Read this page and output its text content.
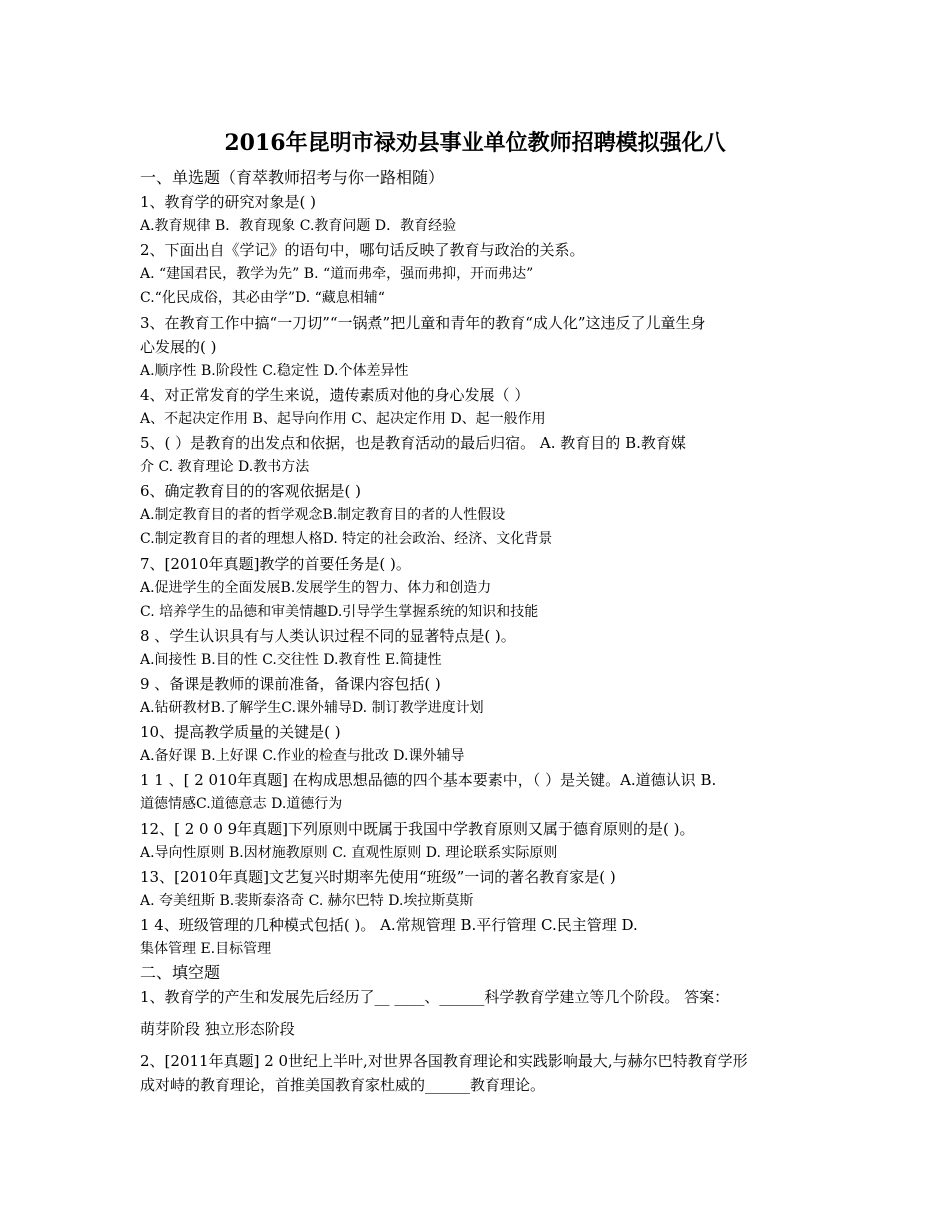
2016年昆明市禄劝县事业单位教师招聘模拟强化八
一、单选题（育萃教师招考与你一路相随）
1、教育学的研究对象是( )
A.教育规律 B．教育现象 C.教育问题 D．教育经验
2、下面出自《学记》的语句中，哪句话反映了教育与政治的关系。
A. “建国君民，教学为先” B. “道而弗牵，强而弗抑，开而弗达”
C.“化民成俗，其必由学”D. “藏息相辅“
3、在教育工作中搞“一刀切”“一锅煮”把儿童和青年的教育“成人化”这违反了儿童生身
心发展的( )
A.顺序性 B.阶段性 C.稳定性 D.个体差异性
4、对正常发育的学生来说，遗传素质对他的身心发展（ ）
A、不起决定作用 B、起导向作用 C、起决定作用 D、起一般作用
5、( ）是教育的出发点和依据，也是教育活动的最后归宿。 ‍A. 教育目的 B.教育媒
介 C. 教育理论 D.教书方法
6、确定教育目的的客观依据是( )
A.制定教育目的者的哲学观念B.制定教育目的者的人性假设
C.制定教育目的者的理想人格D. 特定的社会政治、经济、文化背景
7、[2010年真题]教学的首要任务是( )。
A.促进学生的全面发展B.发展学生的智力、体力和创造力
C. 培养学生的品德和审美情趣D.引导学生掌握系统的知识和技能
8 、学生认识具有与人类认识过程不同的显著特点是( )。
A.间接性 B.目的性 C.交往性 D.教育性 E.简捷性
9 、备课是教师的课前准备，备课内容包括( )
A.钻研教材B.了解学生C.课外辅导D. 制订教学进度计划
10、提高教学质量的关键是( )
A.备好课 B.上好课 C.作业的检查与批改 D.课外辅导
1 1 、[ 2 010年真题] 在构成思想品德的四个基本要素中，（ ）是关键。‍A.道德认识 B.
道德情感C.道德意志 D.道德行为
12、[ 2 0 0 9年真题]下列原则中既属于我国中学教育原则又属于德育原则的是( )。
A.导向性原则 B.因材施教原则 C. 直观性原则 D. 理论联系实际原则
13、[2010年真题]文艺复兴时期率先使用“班级”一词的著名教育家是( )
A. 夸美纽斯 B.裴斯泰洛奇 C. 赫尔巴特 D.埃拉斯莫斯
1 4、班级管理的几种模式包括( )。 ‍A.常规管理 B.平行管理 C.民主管理 D.
集体管理 E.目标管理
二、填空题
1、教育学的产生和发展先后经历了__ ____、______科学教育学建立等几个阶段。 答案：
萌芽阶段 独立形态阶段
2、[2011年真题] 2 0世纪上半叶,对世界各国教育理论和实践影响最大,与赫尔巴特教育学形
成对峙的教育理论，首推美国教育家杜威的______教育理论。
